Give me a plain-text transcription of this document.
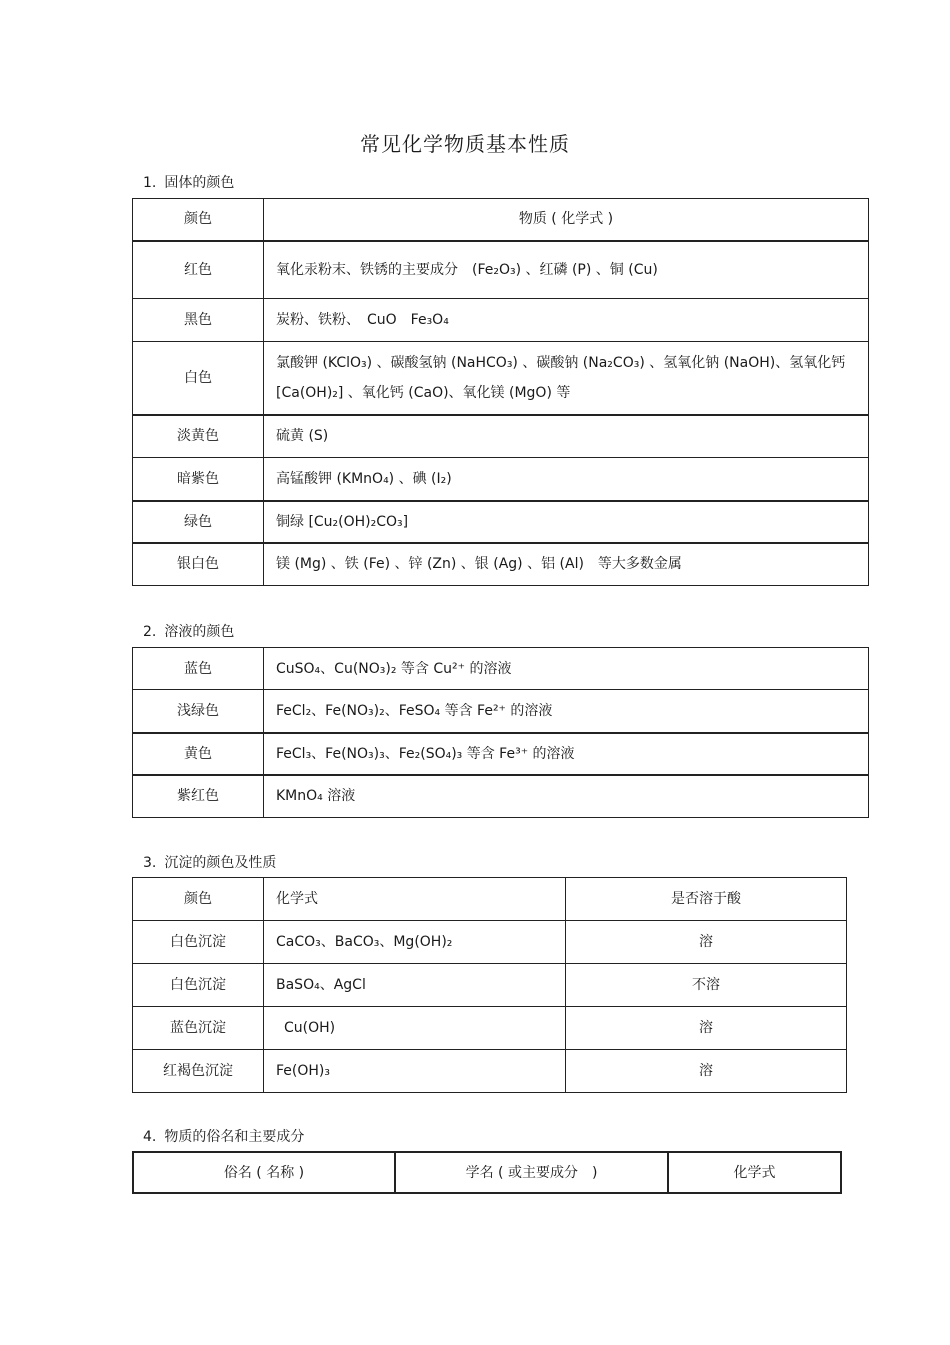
常见化学物质基本性质
1. 固体的颜色
颜色	物质 ( 化学式 )
红色	氧化汞粉末、铁锈的主要成分　(Fe₂O₃) 、红磷 (P) 、铜 (Cu)
黑色	炭粉、铁粉、　CuO　Fe₃O₄
白色	氯酸钾 (KClO₃) 、碳酸氢钠 (NaHCO₃) 、碳酸钠 (Na₂CO₃) 、氢氧化钠 (NaOH)、氢氧化钙 [Ca(OH)₂] 、氧化钙 (CaO)、氧化镁 (MgO) 等
淡黄色	硫黄 (S)
暗紫色	高锰酸钾 (KMnO₄) 、碘 (I₂)
绿色	铜绿 [Cu₂(OH)₂CO₃]
银白色	镁 (Mg) 、铁 (Fe) 、锌 (Zn) 、银 (Ag) 、铝 (Al)　等大多数金属
2. 溶液的颜色
蓝色	CuSO₄、Cu(NO₃)₂ 等含 Cu²⁺ 的溶液
浅绿色	FeCl₂、Fe(NO₃)₂、FeSO₄ 等含 Fe²⁺ 的溶液
黄色	FeCl₃、Fe(NO₃)₃、Fe₂(SO₄)₃ 等含 Fe³⁺ 的溶液
紫红色	KMnO₄ 溶液
3. 沉淀的颜色及性质
颜色	化学式	是否溶于酸
白色沉淀	CaCO₃、BaCO₃、Mg(OH)₂	溶
白色沉淀	BaSO₄、AgCl	不溶
蓝色沉淀	Cu(OH)	溶
红褐色沉淀	Fe(OH)₃	溶
4. 物质的俗名和主要成分
俗名 ( 名称 )	学名 ( 或主要成分　)	化学式
